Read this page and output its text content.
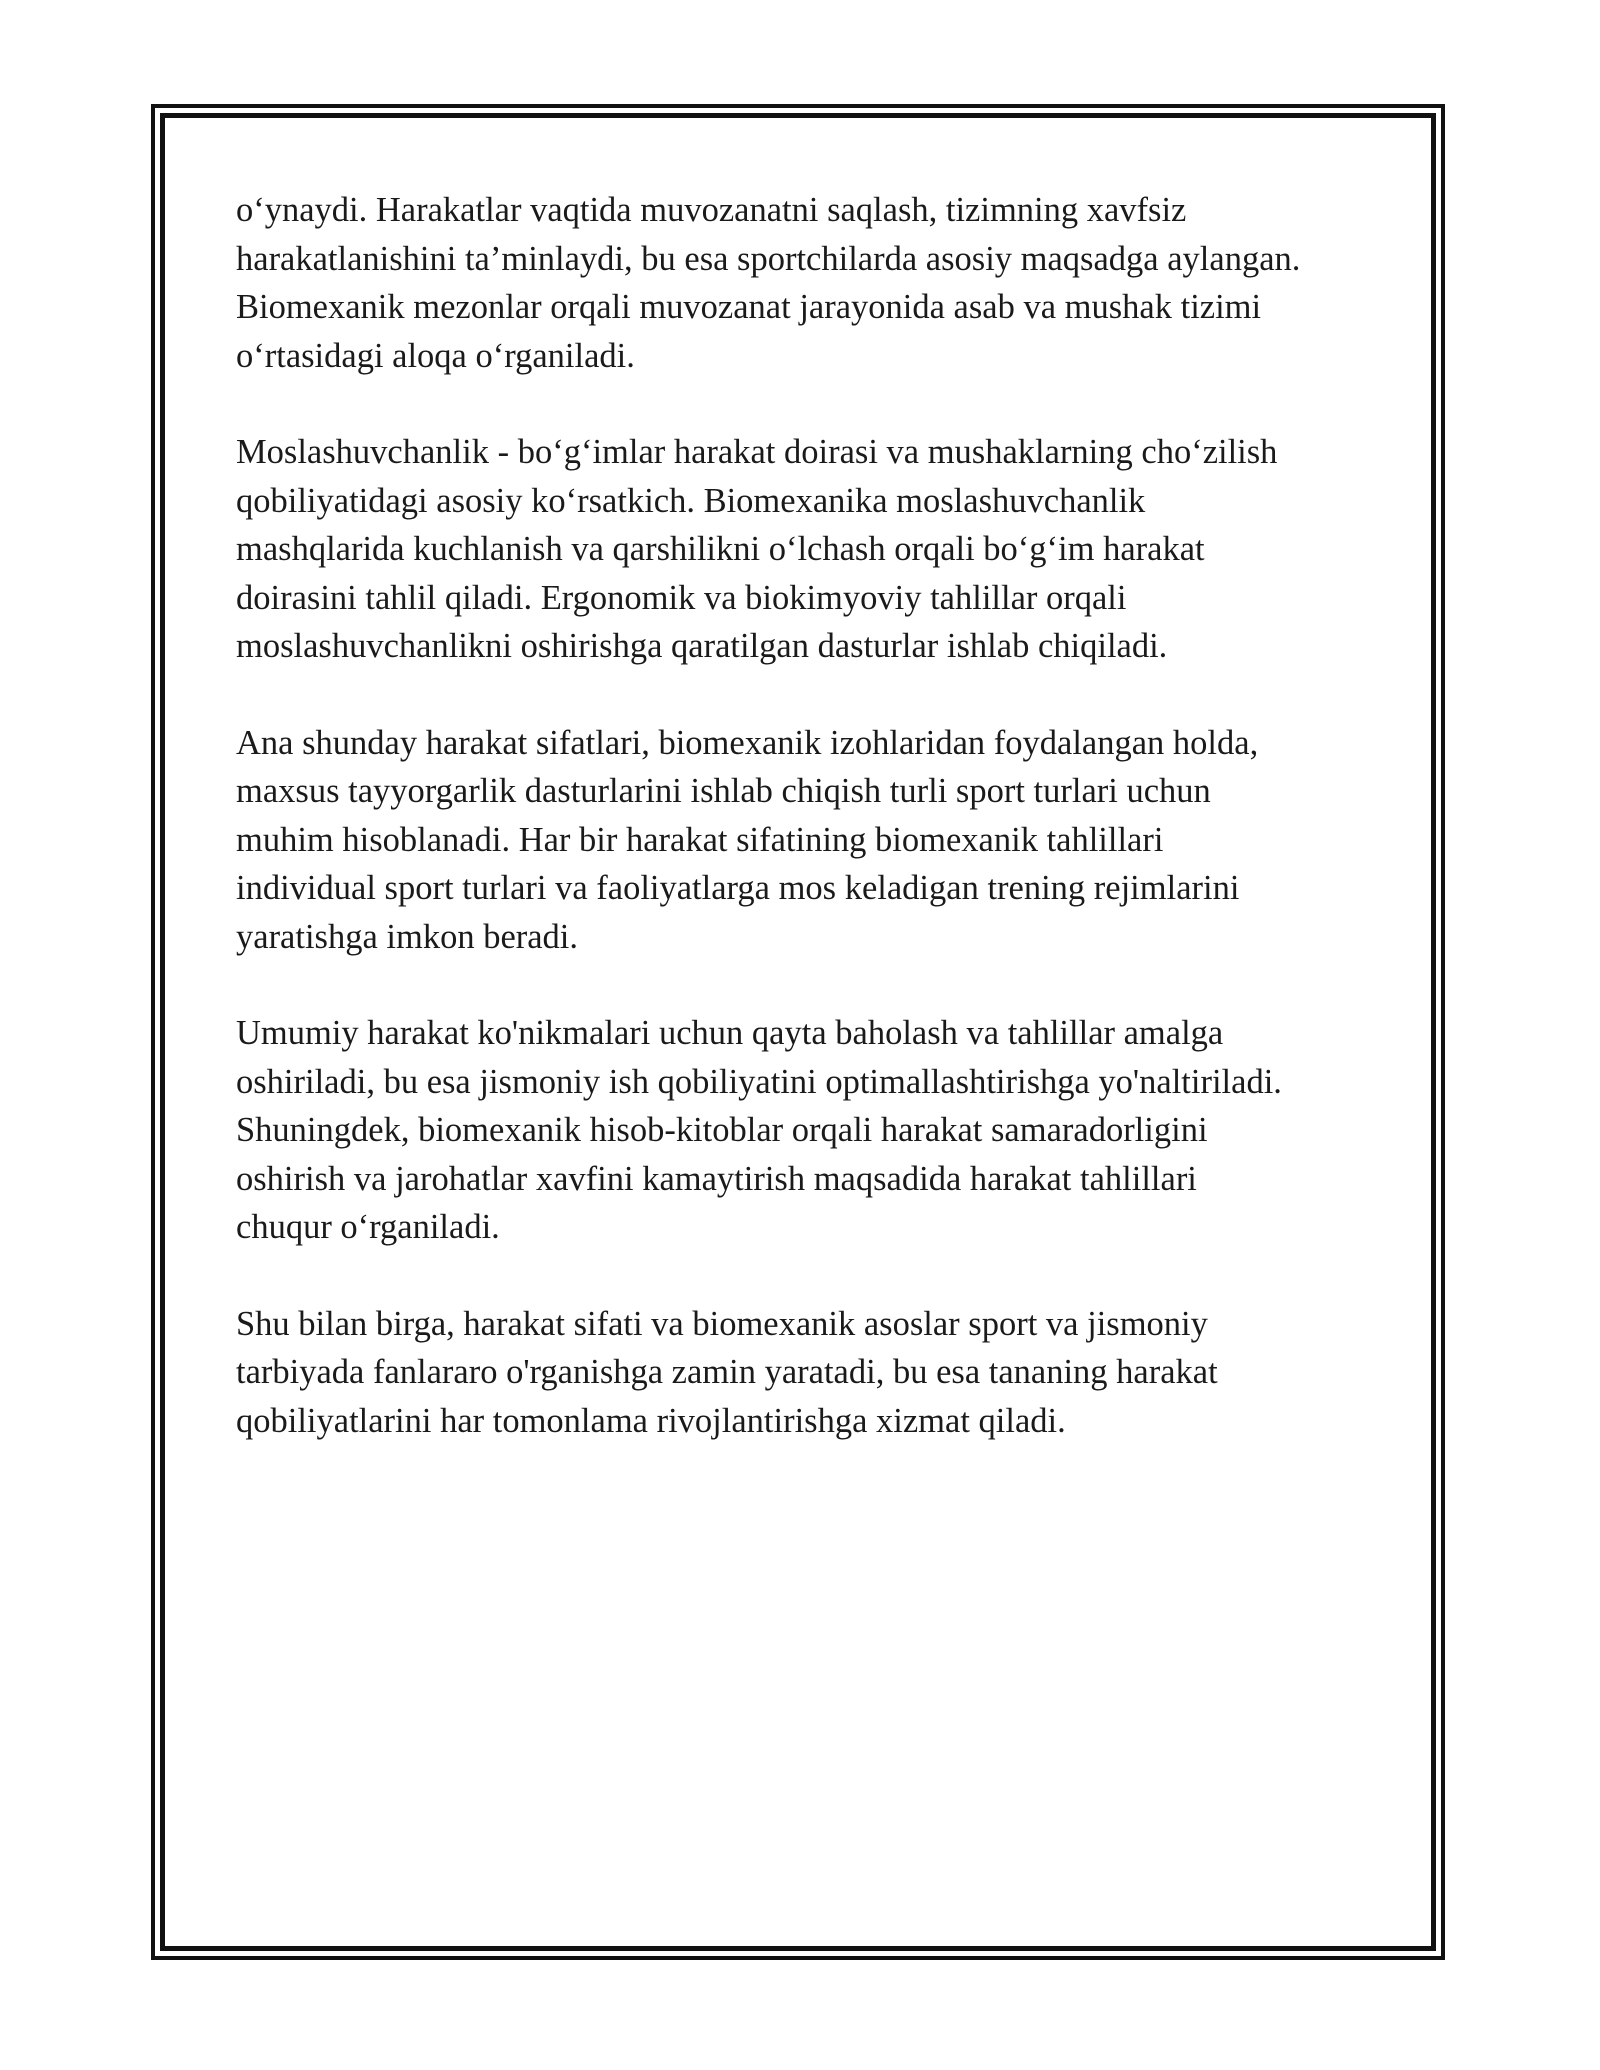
o‘ynaydi. Harakatlar vaqtida muvozanatni saqlash, tizimning xavfsiz
harakatlanishini ta’minlaydi, bu esa sportchilarda asosiy maqsadga aylangan.
Biomexanik mezonlar orqali muvozanat jarayonida asab va mushak tizimi
o‘rtasidagi aloqa o‘rganiladi.

Moslashuvchanlik - bo‘g‘imlar harakat doirasi va mushaklarning cho‘zilish
qobiliyatidagi asosiy ko‘rsatkich. Biomexanika moslashuvchanlik
mashqlarida kuchlanish va qarshilikni o‘lchash orqali bo‘g‘im harakat
doirasini tahlil qiladi. Ergonomik va biokimyoviy tahlillar orqali
moslashuvchanlikni oshirishga qaratilgan dasturlar ishlab chiqiladi.

Ana shunday harakat sifatlari, biomexanik izohlaridan foydalangan holda,
maxsus tayyorgarlik dasturlarini ishlab chiqish turli sport turlari uchun
muhim hisoblanadi. Har bir harakat sifatining biomexanik tahlillari
individual sport turlari va faoliyatlarga mos keladigan trening rejimlarini
yaratishga imkon beradi.

Umumiy harakat ko'nikmalari uchun qayta baholash va tahlillar amalga
oshiriladi, bu esa jismoniy ish qobiliyatini optimallashtirishga yo'naltiriladi.
Shuningdek, biomexanik hisob-kitoblar orqali harakat samaradorligini
oshirish va jarohatlar xavfini kamaytirish maqsadida harakat tahlillari
chuqur o‘rganiladi.

Shu bilan birga, harakat sifati va biomexanik asoslar sport va jismoniy
tarbiyada fanlararo o'rganishga zamin yaratadi, bu esa tananing harakat
qobiliyatlarini har tomonlama rivojlantirishga xizmat qiladi.
